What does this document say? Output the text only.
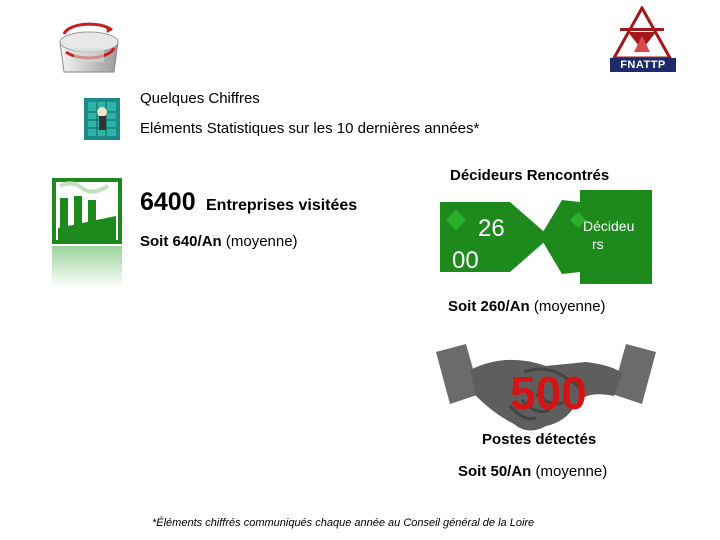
FNATTP
Quelques Chiffres
Eléments Statistiques sur les 10 dernières années*
6400 Entreprises visitées
Soit 640/An (moyenne)
Décideurs Rencontrés
26
00
Décideu
rs
Soit 260/An (moyenne)
500
Postes détectés
Soit 50/An (moyenne)
*Éléments chiffrés communiqués chaque année au Conseil général de la Loire
